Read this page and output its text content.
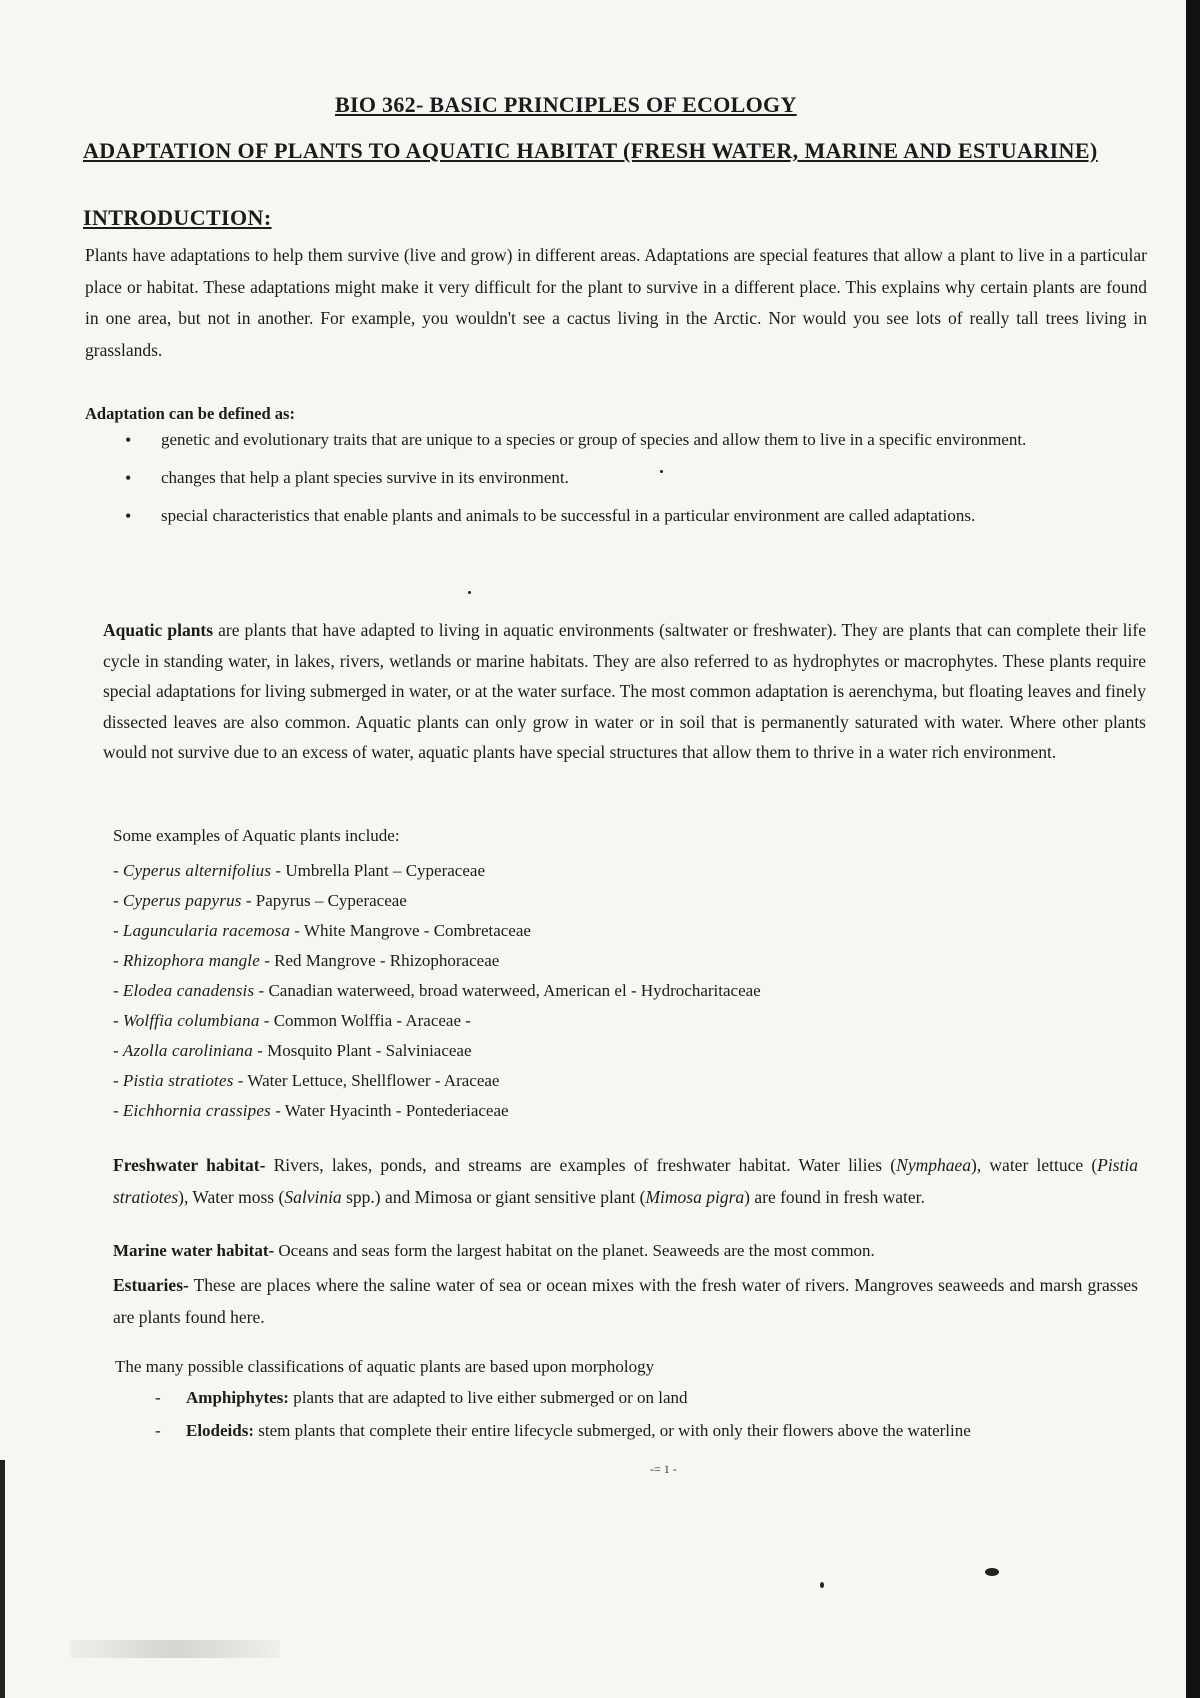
BIO 362- BASIC PRINCIPLES OF ECOLOGY
ADAPTATION OF PLANTS TO AQUATIC HABITAT (FRESH WATER, MARINE AND ESTUARINE)
INTRODUCTION:
Plants have adaptations to help them survive (live and grow) in different areas. Adaptations are special features that allow a plant to live in a particular place or habitat. These adaptations might make it very difficult for the plant to survive in a different place. This explains why certain plants are found in one area, but not in another. For example, you wouldn't see a cactus living in the Arctic. Nor would you see lots of really tall trees living in grasslands.
Adaptation can be defined as:
• genetic and evolutionary traits that are unique to a species or group of species and allow them to live in a specific environment.
• changes that help a plant species survive in its environment.
• special characteristics that enable plants and animals to be successful in a particular environment are called adaptations.
Aquatic plants are plants that have adapted to living in aquatic environments (saltwater or freshwater). They are plants that can complete their life cycle in standing water, in lakes, rivers, wetlands or marine habitats. They are also referred to as hydrophytes or macrophytes. These plants require special adaptations for living submerged in water, or at the water surface. The most common adaptation is aerenchyma, but floating leaves and finely dissected leaves are also common. Aquatic plants can only grow in water or in soil that is permanently saturated with water. Where other plants would not survive due to an excess of water, aquatic plants have special structures that allow them to thrive in a water rich environment.
Some examples of Aquatic plants include:
- Cyperus alternifolius - Umbrella Plant – Cyperaceae
- Cyperus papyrus - Papyrus – Cyperaceae
- Laguncularia racemosa - White Mangrove - Combretaceae
- Rhizophora mangle - Red Mangrove - Rhizophoraceae
- Elodea canadensis - Canadian waterweed, broad waterweed, American el - Hydrocharitaceae
- Wolffia columbiana - Common Wolffia - Araceae -
- Azolla caroliniana - Mosquito Plant - Salviniaceae
- Pistia stratiotes - Water Lettuce, Shellflower - Araceae
- Eichhornia crassipes - Water Hyacinth - Pontederiaceae
Freshwater habitat- Rivers, lakes, ponds, and streams are examples of freshwater habitat. Water lilies (Nymphaea), water lettuce (Pistia stratiotes), Water moss (Salvinia spp.) and Mimosa or giant sensitive plant (Mimosa pigra) are found in fresh water.
Marine water habitat- Oceans and seas form the largest habitat on the planet. Seaweeds are the most common.
Estuaries- These are places where the saline water of sea or ocean mixes with the fresh water of rivers. Mangroves seaweeds and marsh grasses are plants found here.
The many possible classifications of aquatic plants are based upon morphology
- Amphiphytes: plants that are adapted to live either submerged or on land
- Elodeids: stem plants that complete their entire lifecycle submerged, or with only their flowers above the waterline
-= 1 -
